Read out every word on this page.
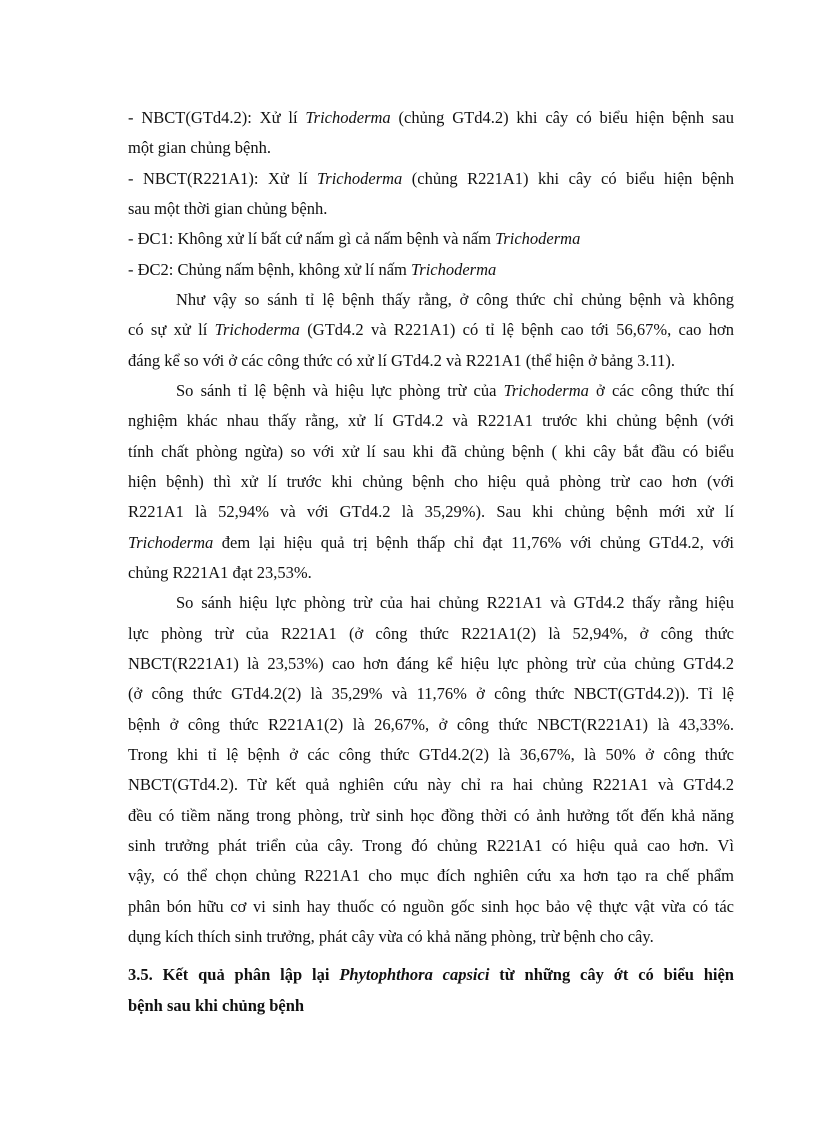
- NBCT(GTd4.2): Xử lí Trichoderma (chủng GTd4.2) khi cây có biểu hiện bệnh sau
một gian chủng bệnh.
- NBCT(R221A1): Xử lí Trichoderma (chủng R221A1) khi cây có biểu hiện bệnh
sau một thời gian chủng bệnh.
- ĐC1: Không xử lí bất cứ nấm gì cả nấm bệnh và nấm Trichoderma
- ĐC2: Chủng nấm bệnh, không xử lí nấm Trichoderma
Như vậy so sánh tỉ lệ bệnh thấy rằng, ở công thức chỉ chủng bệnh và không
có sự xử lí Trichoderma (GTd4.2 và R221A1) có tỉ lệ bệnh cao tới 56,67%, cao hơn
đáng kể so với ở các công thức có xử lí GTd4.2 và R221A1 (thể hiện ở bảng 3.11).
So sánh tỉ lệ bệnh và hiệu lực phòng trừ của Trichoderma ở các công thức thí
nghiệm khác nhau thấy rằng, xử lí GTd4.2 và R221A1 trước khi chủng bệnh (với
tính chất phòng ngừa) so với xử lí sau khi đã chủng bệnh ( khi cây bắt đầu có biểu
hiện bệnh) thì xử lí trước khi chủng bệnh cho hiệu quả phòng trừ cao hơn (với
R221A1 là 52,94% và với GTd4.2 là 35,29%). Sau khi chủng bệnh mới xử lí
Trichoderma đem lại hiệu quả trị bệnh thấp chỉ đạt 11,76% với chủng GTd4.2, với
chủng R221A1 đạt 23,53%.
So sánh hiệu lực phòng trừ của hai chủng R221A1 và GTd4.2 thấy rằng hiệu
lực phòng trừ của R221A1 (ở công thức R221A1(2) là 52,94%, ở công thức
NBCT(R221A1) là 23,53%) cao hơn đáng kể hiệu lực phòng trừ của chủng GTd4.2
(ở công thức GTd4.2(2) là 35,29% và 11,76% ở công thức NBCT(GTd4.2)). Tỉ lệ
bệnh ở công thức R221A1(2) là 26,67%, ở công thức NBCT(R221A1) là 43,33%.
Trong khi tỉ lệ bệnh ở các công thức GTd4.2(2) là 36,67%, là 50% ở công thức
NBCT(GTd4.2). Từ kết quả nghiên cứu này chỉ ra hai chủng R221A1 và GTd4.2
đều có tiềm năng trong phòng, trừ sinh học đồng thời có ảnh hưởng tốt đến khả năng
sinh trưởng phát triển của cây. Trong đó chủng R221A1 có hiệu quả cao hơn. Vì
vậy, có thể chọn chủng R221A1 cho mục đích nghiên cứu xa hơn tạo ra chế phẩm
phân bón hữu cơ vi sinh hay thuốc có nguồn gốc sinh học bảo vệ thực vật vừa có tác
dụng kích thích sinh trưởng, phát cây vừa có khả năng phòng, trừ bệnh cho cây.
3.5. Kết quả phân lập lại Phytophthora capsici từ những cây ớt có biểu hiện
bệnh sau khi chủng bệnh
